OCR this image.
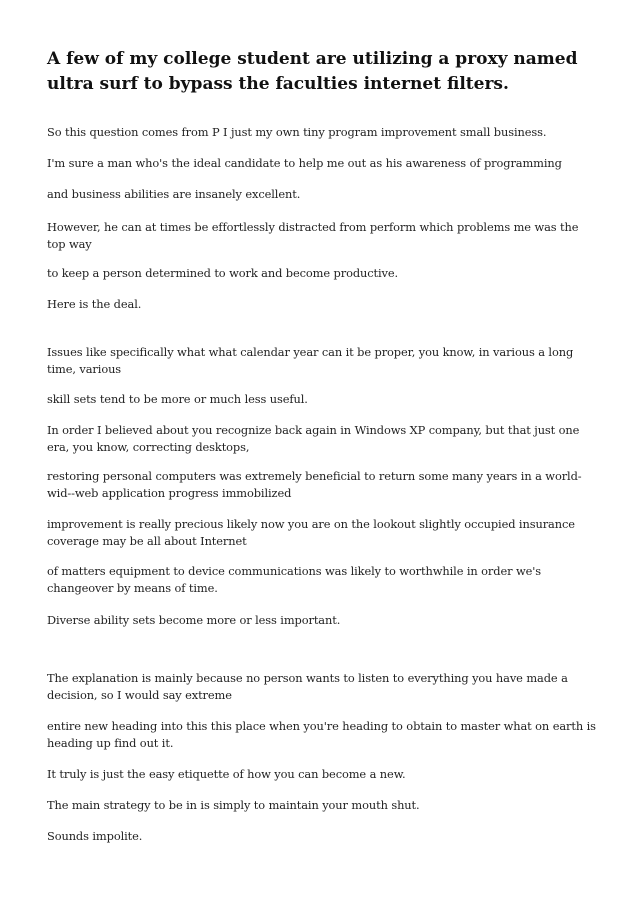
A few of my college student are utilizing a proxy named ultra surf to bypass the faculties internet filters.

So this question comes from P I just my own tiny program improvement small business.

I'm sure a man who's the ideal candidate to help me out as his awareness of programming

and business abilities are insanely excellent.

However, he can at times be effortlessly distracted from perform which problems me was the top way

to keep a person determined to work and become productive.

Here is the deal.

Issues like specifically what what calendar year can it be proper, you know, in various a long time, various

skill sets tend to be more or much less useful.

In order I believed about you recognize back again in Windows XP company, but that just one era, you know, correcting desktops,

restoring personal computers was extremely beneficial to return some many years in a world-wid--web application progress immobilized

improvement is really precious likely now you are on the lookout slightly occupied insurance coverage may be all about Internet

of matters equipment to device communications was likely to worthwhile in order we's changeover by means of time.

Diverse ability sets become more or less important.

The explanation is mainly because no person wants to listen to everything you have made a decision, so I would say extreme

entire new heading into this this place when you're heading to obtain to master what on earth is heading up find out it.

It truly is just the easy etiquette of how you can become a new.

The main strategy to be in is simply to maintain your mouth shut.

Sounds impolite.
